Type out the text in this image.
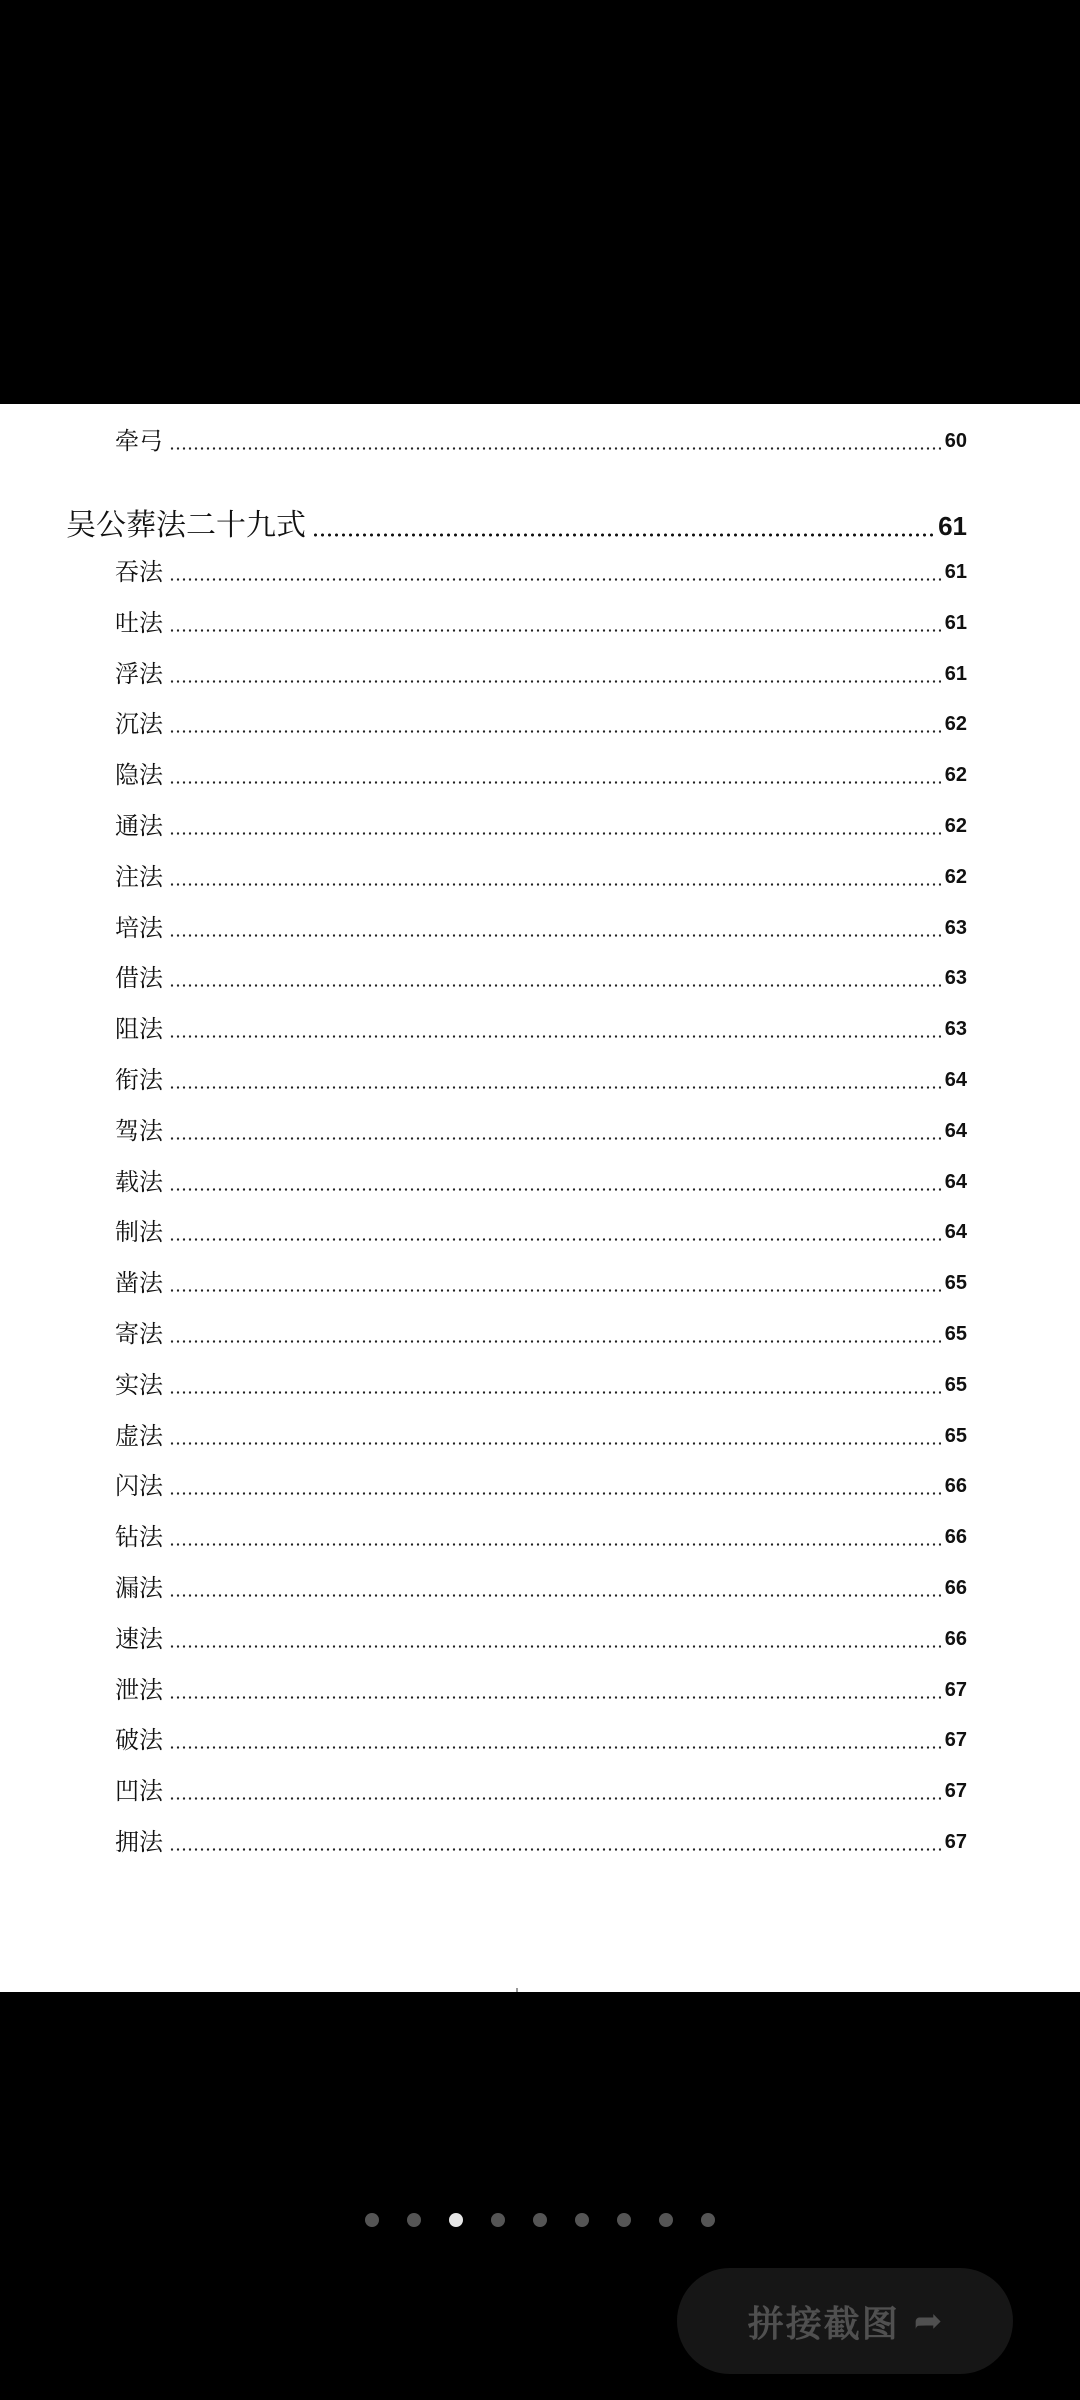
牵弓	60
吴公葬法二十九式	61
吞法	61
吐法	61
浮法	61
沉法	62
隐法	62
通法	62
注法	62
培法	63
借法	63
阻法	63
衔法	64
驾法	64
载法	64
制法	64
凿法	65
寄法	65
实法	65
虚法	65
闪法	66
钻法	66
漏法	66
速法	66
泄法	67
破法	67
凹法	67
拥法	67
拼接截图 ➦
